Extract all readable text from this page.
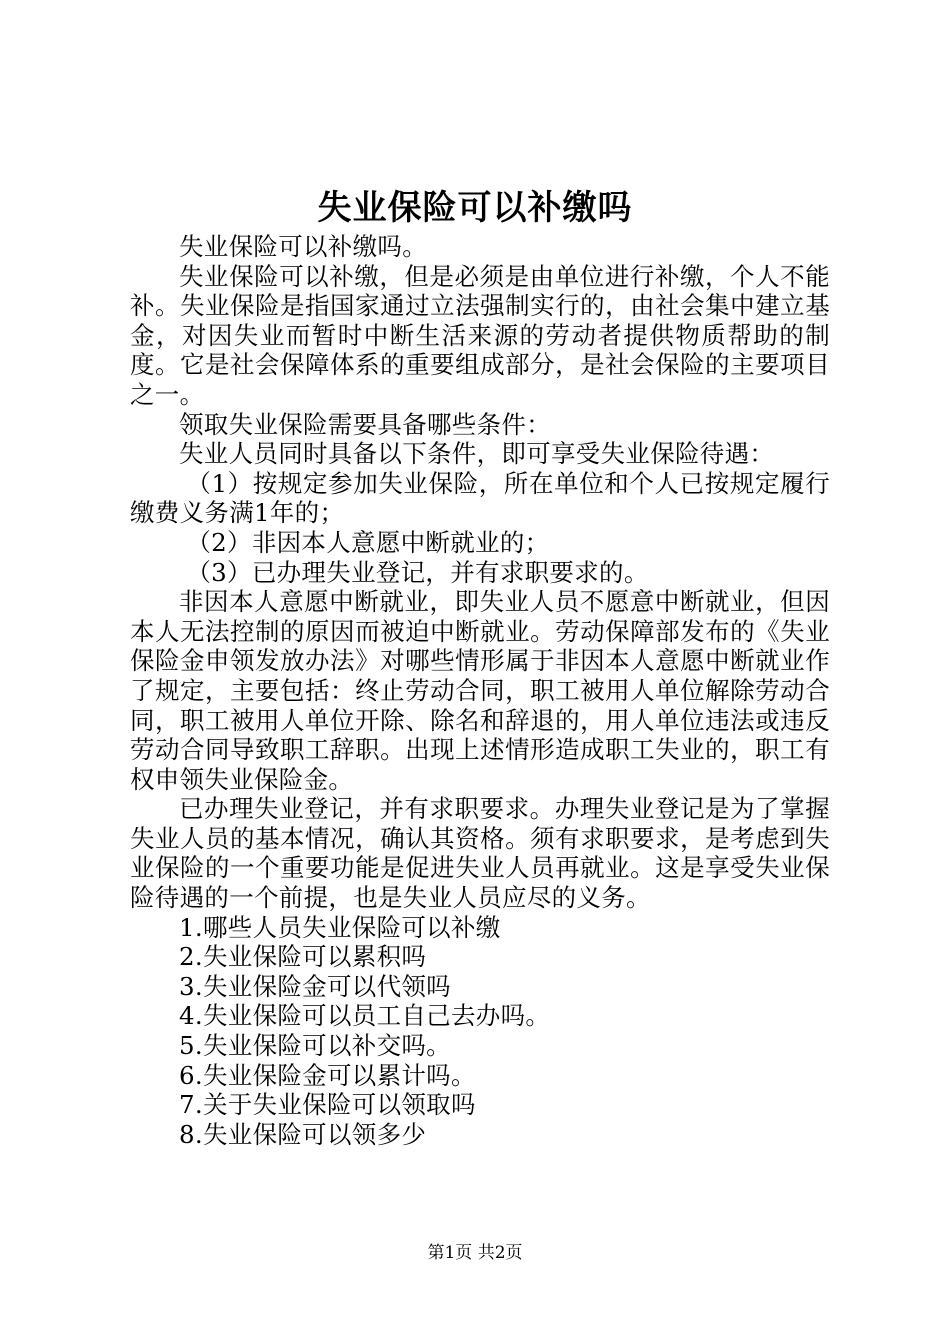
失业保险可以补缴吗

失业保险可以补缴吗。

失业保险可以补缴，但是必须是由单位进行补缴，个人不能补。失业保险是指国家通过立法强制实行的，由社会集中建立基金，对因失业而暂时中断生活来源的劳动者提供物质帮助的制度。它是社会保障体系的重要组成部分，是社会保险的主要项目之一。

领取失业保险需要具备哪些条件：

失业人员同时具备以下条件，即可享受失业保险待遇：

（1）按规定参加失业保险，所在单位和个人已按规定履行缴费义务满1年的；

（2）非因本人意愿中断就业的；

（3）已办理失业登记，并有求职要求的。

非因本人意愿中断就业，即失业人员不愿意中断就业，但因本人无法控制的原因而被迫中断就业。劳动保障部发布的《失业保险金申领发放办法》对哪些情形属于非因本人意愿中断就业作了规定，主要包括：终止劳动合同，职工被用人单位解除劳动合同，职工被用人单位开除、除名和辞退的，用人单位违法或违反劳动合同导致职工辞职。出现上述情形造成职工失业的，职工有权申领失业保险金。

已办理失业登记，并有求职要求。办理失业登记是为了掌握失业人员的基本情况，确认其资格。须有求职要求，是考虑到失业保险的一个重要功能是促进失业人员再就业。这是享受失业保险待遇的一个前提，也是失业人员应尽的义务。

1.哪些人员失业保险可以补缴

2.失业保险可以累积吗

3.失业保险金可以代领吗

4.失业保险可以员工自己去办吗。

5.失业保险可以补交吗。

6.失业保险金可以累计吗。

7.关于失业保险可以领取吗

8.失业保险可以领多少

第1页 共2页
